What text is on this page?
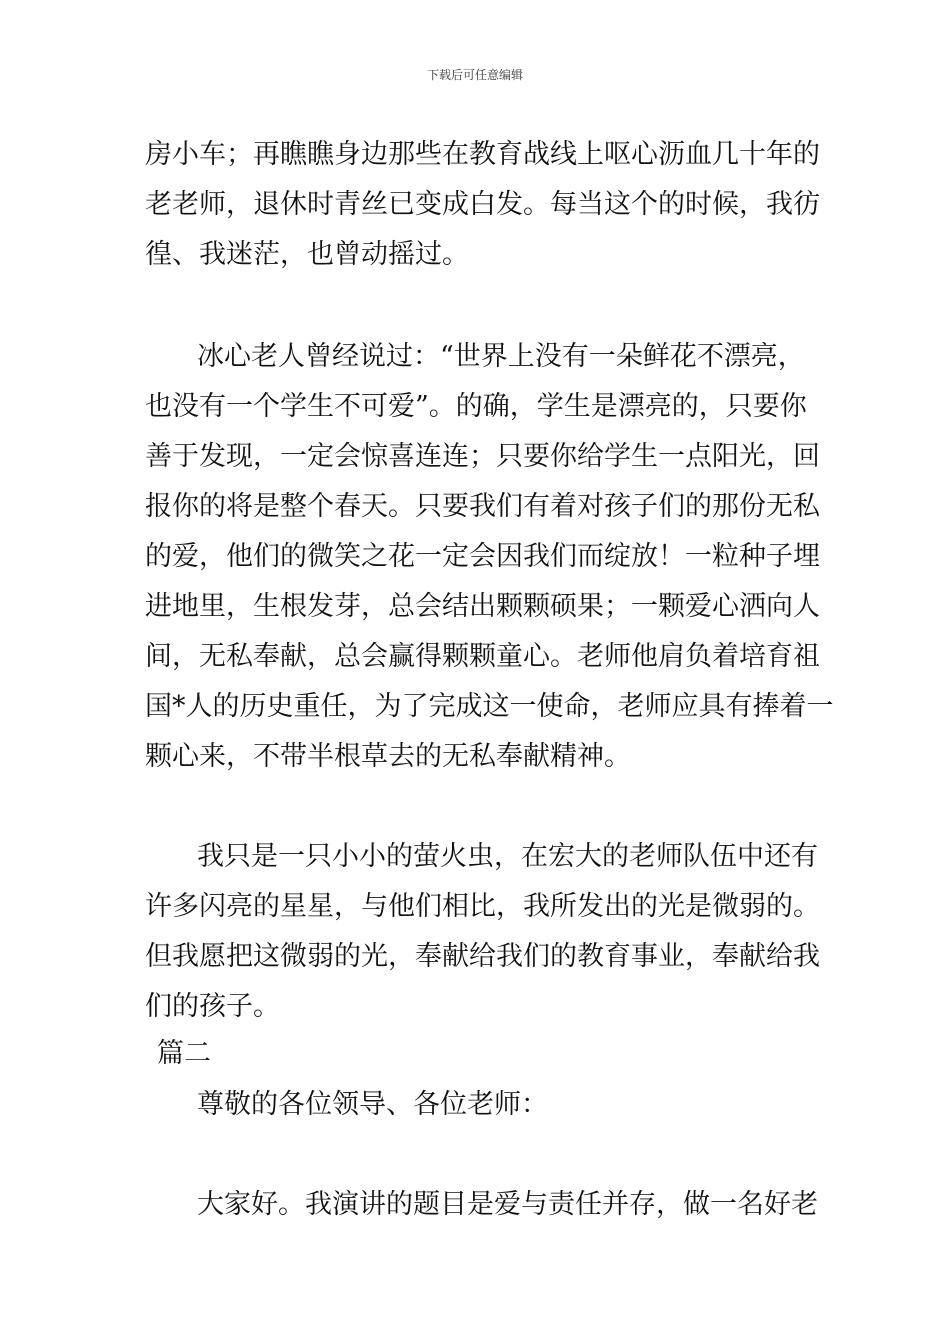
下载后可任意编辑
房小车；再瞧瞧身边那些在教育战线上呕心沥血几十年的
老老师，退休时青丝已变成白发。每当这个的时候，我彷
徨、我迷茫，也曾动摇过。
冰心老人曾经说过：“世界上没有一朵鲜花不漂亮，
也没有一个学生不可爱”。的确，学生是漂亮的，只要你
善于发现，一定会惊喜连连；只要你给学生一点阳光，回
报你的将是整个春天。只要我们有着对孩子们的那份无私
的爱，他们的微笑之花一定会因我们而绽放！一粒种子埋
进地里，生根发芽，总会结出颗颗硕果；一颗爱心洒向人
间，无私奉献，总会赢得颗颗童心。老师他肩负着培育祖
国*人的历史重任，为了完成这一使命，老师应具有捧着一
颗心来，不带半根草去的无私奉献精神。
我只是一只小小的萤火虫，在宏大的老师队伍中还有
许多闪亮的星星，与他们相比，我所发出的光是微弱的。
但我愿把这微弱的光，奉献给我们的教育事业，奉献给我
们的孩子。
篇二
尊敬的各位领导、各位老师：
大家好。我演讲的题目是爱与责任并存，做一名好老
